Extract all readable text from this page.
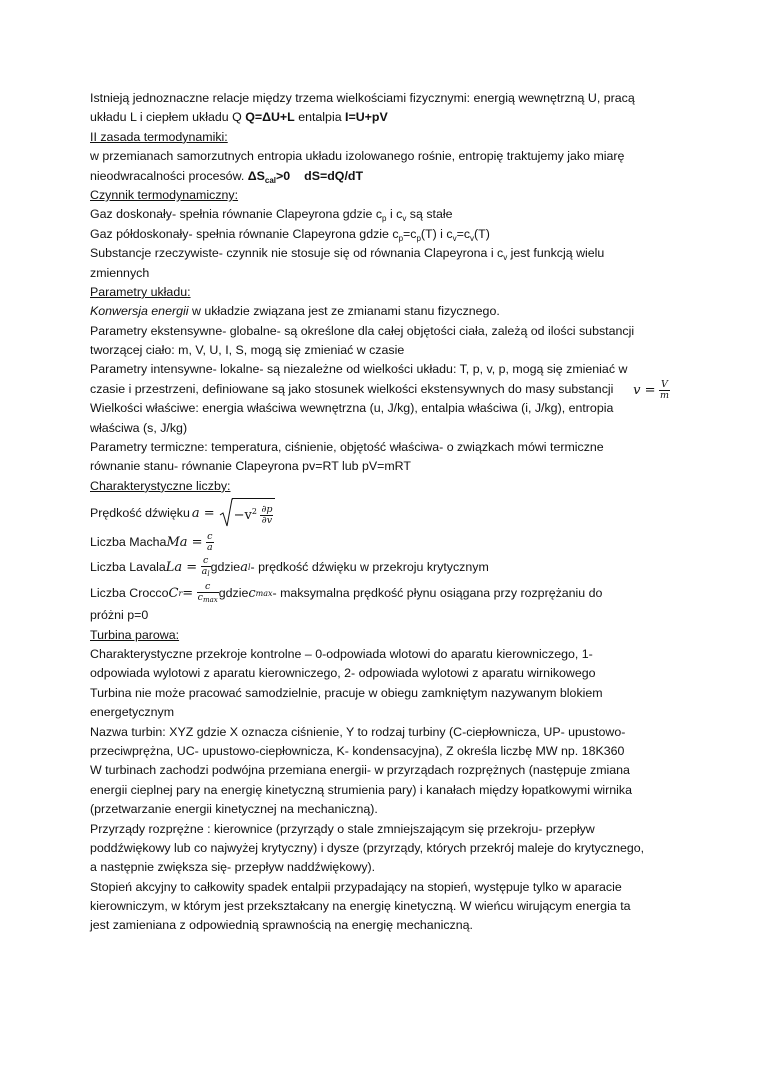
Istnieją jednoznaczne relacje między trzema wielkościami fizycznymi: energią wewnętrzną U, pracą
układu L i ciepłem układu Q Q=ΔU+L entalpia I=U+pV
II zasada termodynamiki:
w przemianach samorzutnych entropia układu izolowanego rośnie, entropię traktujemy jako miarę
nieodwracalności procesów. $\Delta S_{cal}>0$ dS=dQ/dT
Czynnik termodynamiczny:
Gaz doskonały- spełnia równanie Clapeyrona gdzie $c_p$ i $c_v$ są stałe
Gaz półdoskonały- spełnia równanie Clapeyrona gdzie $c_p=c_p(T)$ i $c_v=c_v(T)$
Substancje rzeczywiste- czynnik nie stosuje się od równania Clapeyrona i $c_v$ jest funkcją wielu
zmiennych
Parametry układu:
Konwersja energii w układzie związana jest ze zmianami stanu fizycznego.
Parametry ekstensywne- globalne- są określone dla całej objętości ciała, zależą od ilości substancji
tworzącej ciało: m, V, U, I, S, mogą się zmieniać w czasie
Parametry intensywne- lokalne- są niezależne od wielkości układu: T, p, v, p, mogą się zmieniać w
czasie i przestrzeni, definiowane są jako stosunek wielkości ekstensywnych do masy substancji $v = \frac{V}{m}$
Wielkości właściwe: energia właściwa wewnętrzna (u, J/kg), entalpia właściwa (i, J/kg), entropia
właściwa (s, J/kg)
Parametry termiczne: temperatura, ciśnienie, objętość właściwa- o związkach mówi termiczne
równanie stanu- równanie Clapeyrona pv=RT lub pV=mRT
Charakterystyczne liczby:
Prędkość dźwięku a =	$-v^2 \frac{\partial p}{\partial v}$
Liczba Macha Ma =
$\frac{c}{a}$
Liczba Lavala La =
$\frac{c}{a_l}$ gdzie a l - prędkość dźwięku w przekroju krytycznym
Liczba Crocco C r =
$\frac{c}{c_{max}}$ gdzie c max - maksymalna prędkość płynu osiągana przy rozprężaniu do
próżni p=0
Turbina parowa:
Charakterystyczne przekroje kontrolne – 0-odpowiada wlotowi do aparatu kierowniczego, 1-
odpowiada wylotowi z aparatu kierowniczego, 2- odpowiada wylotowi z aparatu wirnikowego
Turbina nie może pracować samodzielnie, pracuje w obiegu zamkniętym nazywanym blokiem
energetycznym
Nazwa turbin: XYZ gdzie X oznacza ciśnienie, Y to rodzaj turbiny (C-ciepłownicza, UP- upustowo-
przeciwprężna, UC- upustowo-ciepłownicza, K- kondensacyjna), Z określa liczbę MW np. 18K360
W turbinach zachodzi podwójna przemiana energii- w przyrządach rozprężnych (następuje zmiana
energii cieplnej pary na energię kinetyczną strumienia pary) i kanałach między łopatkowymi wirnika
(przetwarzanie energii kinetycznej na mechaniczną).
Przyrządy rozprężne : kierownice (przyrządy o stale zmniejszającym się przekroju- przepływ
poddźwiękowy lub co najwyżej krytyczny) i dysze (przyrządy, których przekrój maleje do krytycznego,
a następnie zwiększa się- przepływ naddźwiękowy).
Stopień akcyjny to całkowity spadek entalpii przypadający na stopień, występuje tylko w aparacie
kierowniczym, w którym jest przekształcany na energię kinetyczną. W wieńcu wirującym energia ta
jest zamieniana z odpowiednią sprawnością na energię mechaniczną.
